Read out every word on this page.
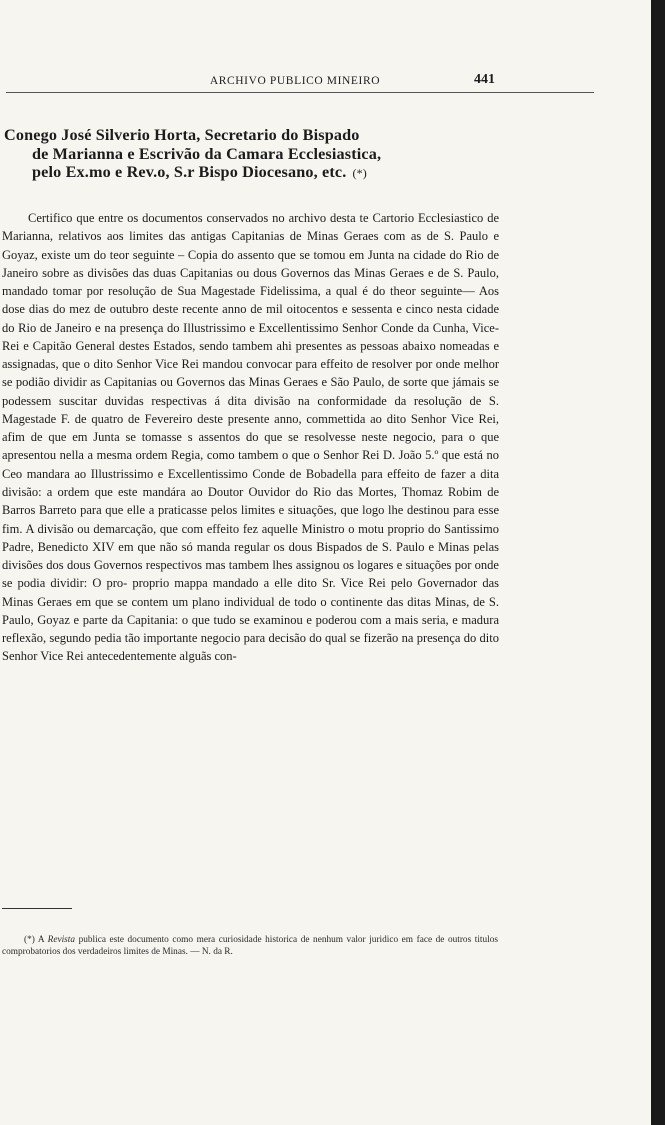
ARCHIVO PUBLICO MINEIRO	441
Conego José Silverio Horta, Secretario do Bispado
de Marianna e Escrivão da Camara Ecclesiastica,
pelo Ex.mo e Rev.o, S.r Bispo Diocesano, etc. (*)

Certifico que entre os documentos conservados no archivo desta te Cartorio Ecclesiastico de Marianna, relativos aos limites das antigas Capitanias de Minas Geraes com as de S. Paulo e Goyaz, existe um do teor seguinte – Copia do assento que se tomou em Junta na cidade do Rio de Janeiro sobre as divisões das duas Capitanias ou dous Governos das Minas Geraes e de S. Paulo, mandado tomar por resolução de Sua Magestade Fidelissima, a qual é do theor seguinte— Aos dose dias do mez de outubro deste recente anno de mil oitocentos e sessenta e cinco nesta cidade do Rio de Janeiro e na presença do Illustrissimo e Excellentissimo Senhor Conde da Cunha, Vice-Rei e Capitão General destes Estados, sendo tambem ahi presentes as pessoas abaixo nomeadas e assignadas, que o dito Senhor Vice Rei mandou convocar para effeito de resolver por onde melhor se podião dividir as Capitanias ou Governos das Minas Geraes e São Paulo, de sorte que jámais se podessem suscitar duvidas respectivas á dita divisão na conformidade da resolução de S. Magestade F. de quatro de Fevereiro deste presente anno, commettida ao dito Senhor Vice Rei, afim de que em Junta se tomasse s assentos do que se resolvesse neste negocio, para o que apresentou nella a mesma ordem Regia, como tambem o que o Senhor Rei D. João 5.º que está no Ceo mandara ao Illustrissimo e Excellentissimo Conde de Bobadella para effeito de fazer a dita divisão: a ordem que este mandára ao Doutor Ouvidor do Rio das Mortes, Thomaz Robim de Barros Barreto para que elle a praticasse pelos limites e situações, que logo lhe destinou para esse fim. A divisão ou demarcação, que com effeito fez aquelle Ministro o motu proprio do Santissimo Padre, Benedicto XIV em que não só manda regular os dous Bispados de S. Paulo e Minas pelas divisões dos dous Governos respectivos mas tambem lhes assignou os logares e situações por onde se podia dividir: O pro- proprio mappa mandado a elle dito Sr. Vice Rei pelo Governador das Minas Geraes em que se contem um plano individual de todo o continente das ditas Minas, de S. Paulo, Goyaz e parte da Capitania: o que tudo se examinou e poderou com a mais seria, e madura reflexão, segundo pedia tão importante negocio para decisão do qual se fizerão na presença do dito Senhor Vice Rei antecedentemente alguãs con-

(*) A Revista publica este documento como mera curiosidade historica de nenhum valor juridico em face de outros titulos comprobatorios dos verdadeiros limites de Minas. — N. da R.
